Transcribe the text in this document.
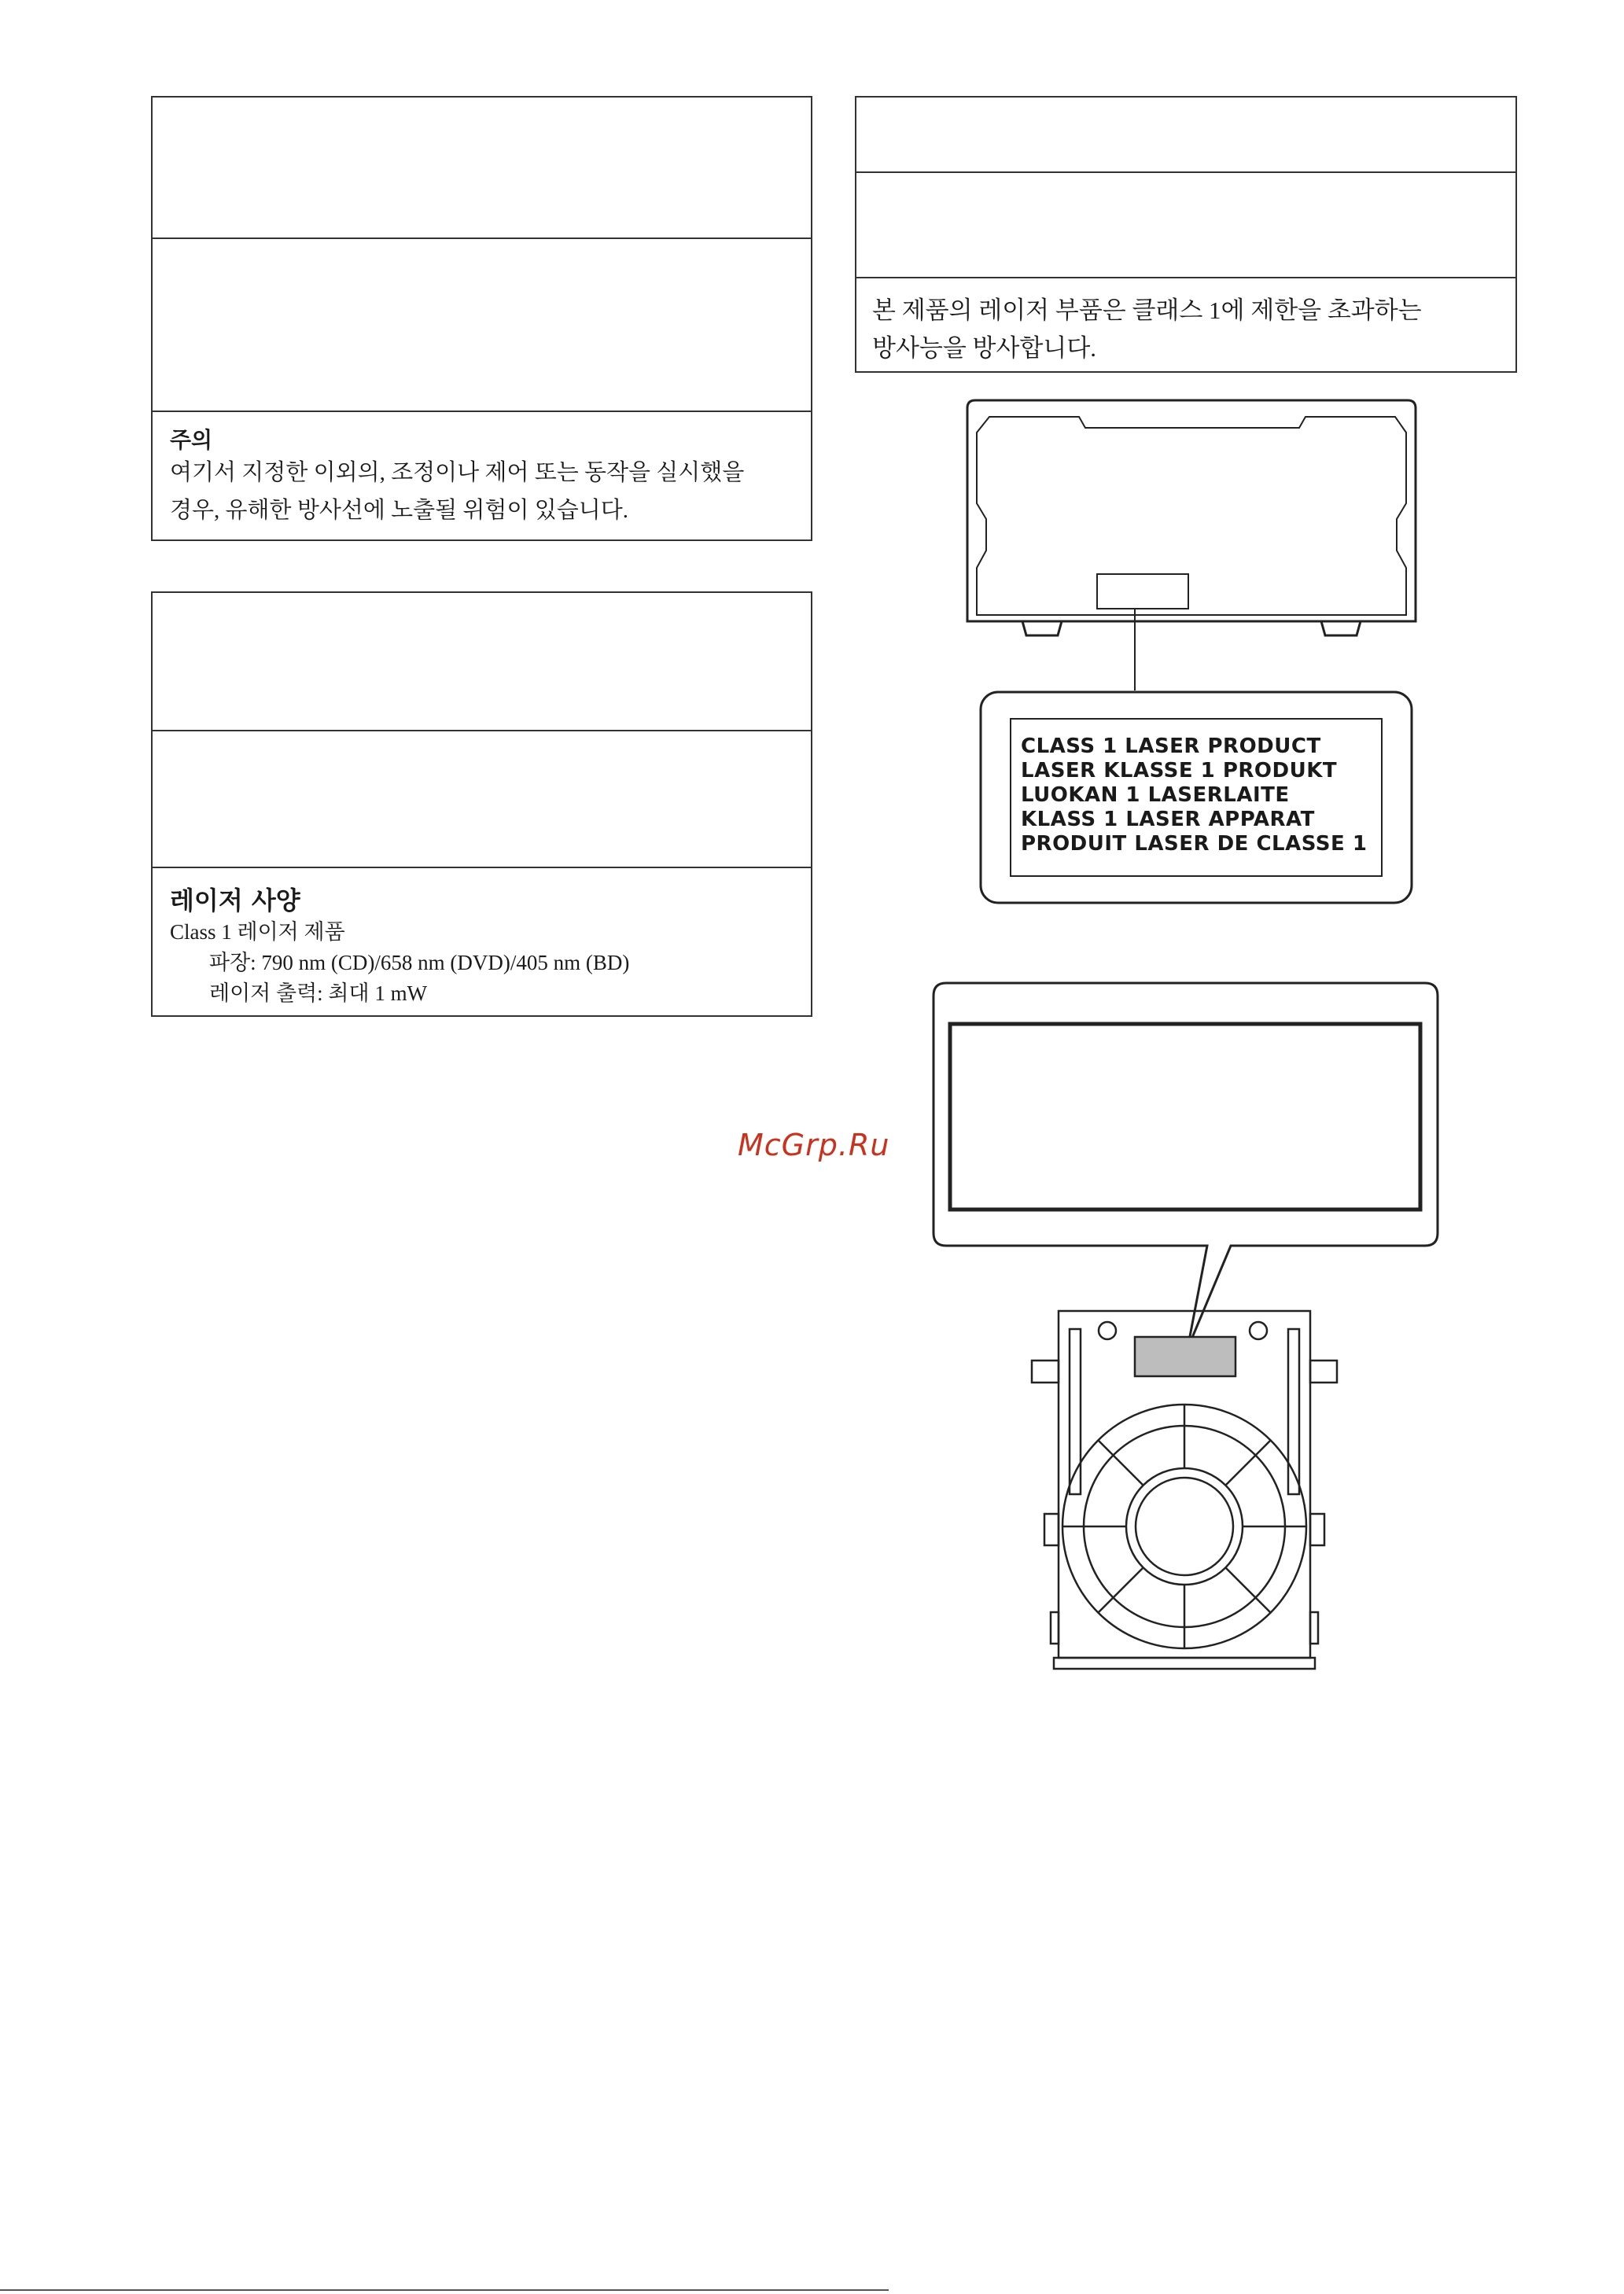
주의
여기서 지정한 이외의, 조정이나 제어 또는 동작을 실시했을
경우, 유해한 방사선에 노출될 위험이 있습니다.
레이저 사양
Class 1 레이저 제품
파장: 790 nm (CD)/658 nm (DVD)/405 nm (BD)
레이저 출력: 최대 1 mW
본 제품의 레이저 부품은 클래스 1에 제한을 초과하는
방사능을 방사합니다.
CLASS 1 LASER PRODUCT
LASER KLASSE 1 PRODUKT
LUOKAN 1 LASERLAITE
KLASS 1 LASER APPARAT
PRODUIT LASER DE CLASSE 1
McGrp.Ru
